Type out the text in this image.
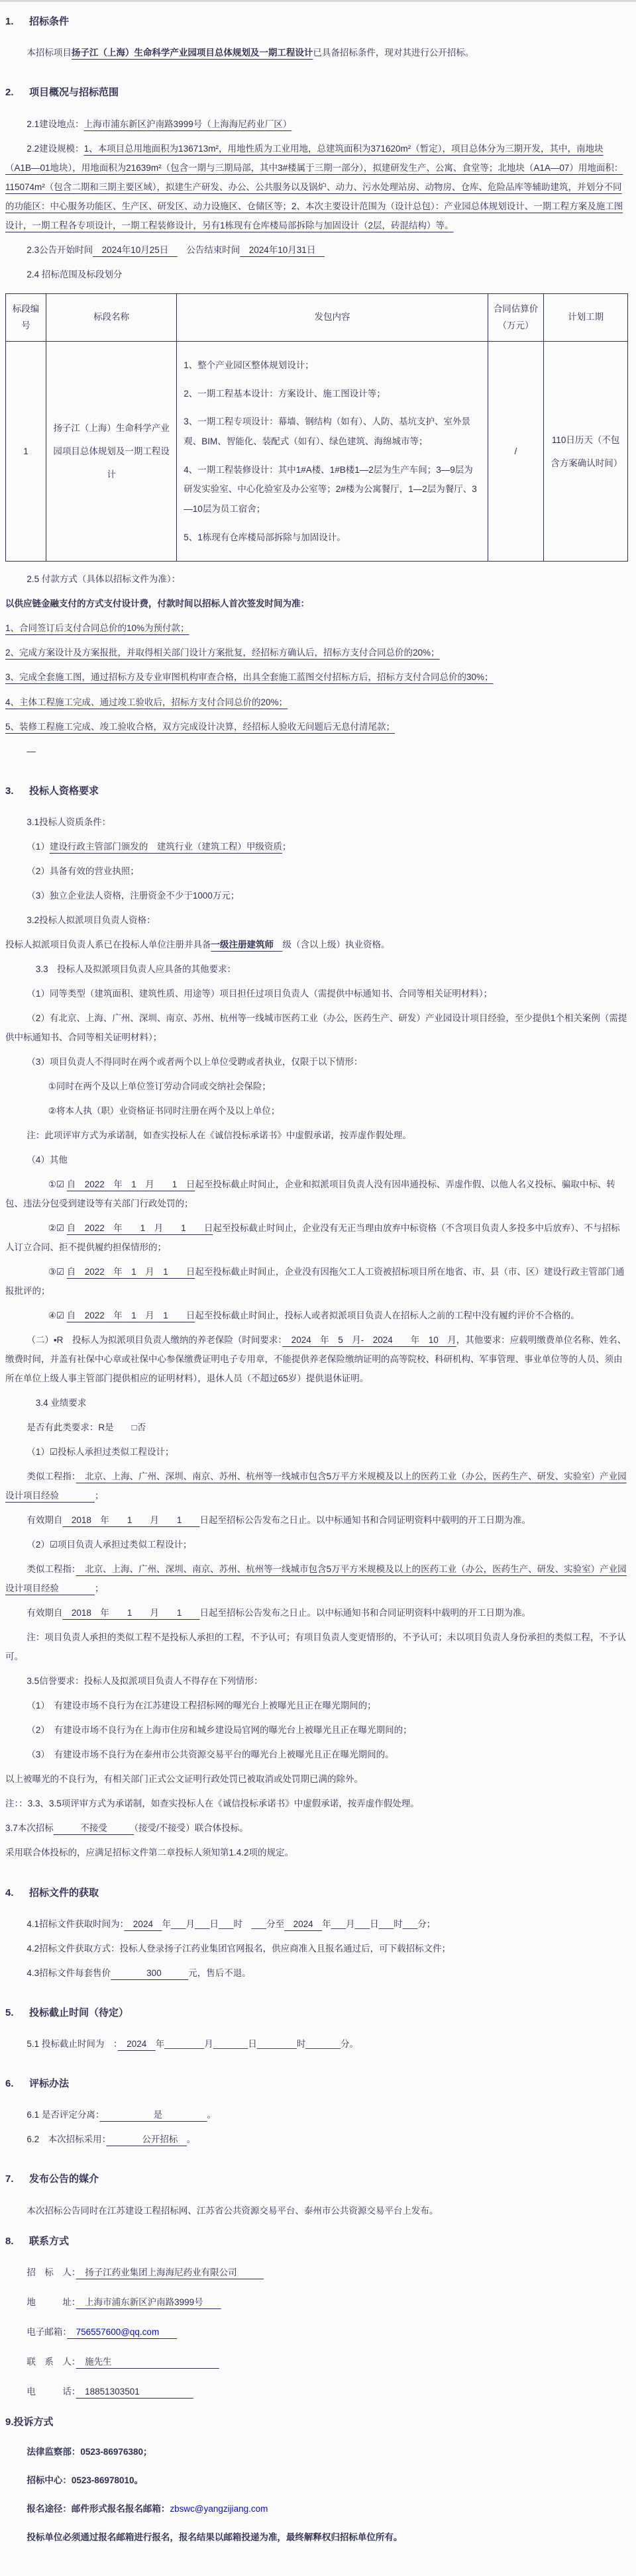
1. 招标条件

本招标项目扬子江（上海）生命科学产业园项目总体规划及一期工程设计已具备招标条件，现对其进行公开招标。

2. 项目概况与招标范围

2.1建设地点：上海市浦东新区沪南路3999号（上海海尼药业厂区）

2.2建设规模：1、本项目总用地面积为136713m²，用地性质为工业用地，总建筑面积为371620m²（暂定），项目总体分为三期开发，其中，南地块（A1B—01地块），用地面积为21639m²（包含一期与三期局部，其中3#楼属于三期一部分），拟建研发生产、公寓、食堂等；北地块（A1A—07）用地面积：115074m²（包含二期和三期主要区域），拟建生产研发、办公、公共服务以及锅炉、动力、污水处理站房、动物房、仓库、危险品库等辅助建筑，并划分不同的功能区：中心服务功能区、生产区、研发区、动力设施区、仓储区等；2、本次主要设计范围为（设计总包）：产业园总体规划设计、一期工程方案及施工图设计，一期工程各专项设计，一期工程装修设计，另有1栋现有仓库楼局部拆除与加固设计（2层，砖混结构）等。

2.3公告开始时间　2024年10月25日　　公告结束时间　2024年10月31日　

2.4 招标范围及标段划分

标段编号	标段名称	发包内容	合同估算价（万元）	计划工期
1	扬子江（上海）生命科学产业园项目总体规划及一期工程设计	1、整个产业园区整体规划设计；

2、一期工程基本设计：方案设计、施工图设计等；

3、一期工程专项设计：幕墙、钢结构（如有）、人防、基坑支护、室外景观、BIM、智能化、装配式（如有）、绿色建筑、海绵城市等；

4、一期工程装修设计：其中1#A楼、1#B楼1—2层为生产车间；3—9层为研发实验室、中心化验室及办公室等；2#楼为公寓餐厅，1—2层为餐厅、3—10层为员工宿舍；

5、1栋现有仓库楼局部拆除与加固设计。	/	110日历天（不包含方案确认时间）

2.5 付款方式（具体以招标文件为准）：

以供应链金融支付的方式支付设计费，付款时间以招标人首次签发时间为准：

1、合同签订后支付合同总价的10%为预付款；

2、完成方案设计及方案报批，并取得相关部门设计方案批复，经招标方确认后，招标方支付合同总价的20%；

3、完成全套施工图，通过招标方及专业审图机构审查合格，出具全套施工蓝图交付招标方后，招标方支付合同总价的30%；

4、主体工程施工完成、通过竣工验收后，招标方支付合同总价的20%；

5、装修工程施工完成、竣工验收合格，双方完成设计决算，经招标人验收无问题后无息付清尾款；

—

3. 投标人资格要求

3.1投标人资质条件：

（1）建设行政主管部门颁发的　建筑行业（建筑工程）甲级资质；

（2）具备有效的营业执照；

（3）独立企业法人资格，注册资金不少于1000万元；

3.2投标人拟派项目负责人资格：

投标人拟派项目负责人系已在投标人单位注册并具备一级注册建筑师　级（含以上级）执业资格。

3.3　投标人及拟派项目负责人应具备的其他要求：

（1）同等类型（建筑面积、建筑性质、用途等）项目担任过项目负责人（需提供中标通知书、合同等相关证明材料）；

（2）有北京、上海、广州、深圳、南京、苏州、杭州等一线城市医药工业（办公，医药生产、研发）产业园设计项目经验，至少提供1个相关案例（需提供中标通知书、合同等相关证明材料）；

（3）项目负责人不得同时在两个或者两个以上单位受聘或者执业，仅限于以下情形：

①同时在两个及以上单位签订劳动合同或交纳社会保险；

②将本人执（职）业资格证书同时注册在两个及以上单位；

注：此项评审方式为承诺制，如查实投标人在《诚信投标承诺书》中虚假承诺，按弄虚作假处理。

（4）其他

①☑ 自　2022　年　1　月　　1　日起至投标截止时间止，企业和拟派项目负责人没有因串通投标、弄虚作假、以他人名义投标、骗取中标、转包、违法分包受到建设等有关部门行政处罚的；

②☑ 自　2022　年　　1　月　　1　　日起至投标截止时间止，企业没有无正当理由放弃中标资格（不含项目负责人多投多中后放弃）、不与招标人订立合同、拒不提供履约担保情形的；

③☑ 自　2022　年　1　月　1　　日起至投标截止时间止，企业没有因拖欠工人工资被招标项目所在地省、市、县（市、区）建设行政主管部门通报批评的；

④☑ 自　2022　年　1　月　1　　日起至投标截止时间止，投标人或者拟派项目负责人在招标人之前的工程中没有履约评价不合格的。

（二）▪R　投标人为拟派项目负责人缴纳的养老保险（时间要求：　2024　年　5　月-　2024　　年　10　月，其他要求：应载明缴费单位名称、姓名、缴费时间，并盖有社保中心章或社保中心参保缴费证明电子专用章，不能提供养老保险缴纳证明的高等院校、科研机构、军事管理、事业单位等的人员、须由所在单位上级人事主管部门提供相应的证明材料），退休人员（不超过65岁）提供退休证明。

3.4 业绩要求

是否有此类要求：R是　　□否

（1）☑投标人承担过类似工程设计；

类似工程指：　北京、上海、广州、深圳、南京、苏州、杭州等一线城市包含5万平方米规模及以上的医药工业（办公，医药生产、研发、实验室）产业园设计项目经验　　　　；

有效期自　2018　年　　1　　月　　1　　日起至招标公告发布之日止。以中标通知书和合同证明资料中载明的开工日期为准。

（2）☑项目负责人承担过类似工程设计；

类似工程指：　北京、上海、广州、深圳、南京、苏州、杭州等一线城市包含5万平方米规模及以上的医药工业（办公，医药生产、研发、实验室）产业园设计项目经验　　　　；

有效期自　2018　年　　1　　月　　1　　日起至招标公告发布之日止。以中标通知书和合同证明资料中载明的开工日期为准。

注：项目负责人承担的类似工程不是投标人承担的工程，不予认可；有项目负责人变更情形的，不予认可；未以项目负责人身份承担的类似工程，不予认可。

3.5信誉要求：投标人及拟派项目负责人不得存在下列情形：

（1）　有建设市场不良行为在江苏建设工程招标网的曝光台上被曝光且正在曝光期间的；

（2）　有建设市场不良行为在上海市住房和城乡建设局官网的曝光台上被曝光且正在曝光期间的；

（3）　有建设市场不良行为在泰州市公共资源交易平台的曝光台上被曝光且正在曝光期间的。

以上被曝光的不良行为，有相关部门正式公文证明行政处罚已被取消或处罚期已满的除外。

注：：3.3、3.5项评审方式为承诺制，如查实投标人在《诚信投标承诺书》中虚假承诺，按弄虚作假处理。

3.7本次招标　　　不接受　　　（接受/不接受）联合体投标。

采用联合体投标的，应满足招标文件第二章投标人须知第1.4.2项的规定。

4. 招标文件的获取

4.1招标文件获取时间为：　2024　年___月___日___时　___分至　2024　年___月___日___时___分；

4.2招标文件获取方式：投标人登录扬子江药业集团官网报名，供应商准入且报名通过后，可下载招标文件；

4.3招标文件每套售价　　　　300　　　元，售后不退。

5. 投标截止时间（待定）

5.1 投标截止时间为　：　2024　年________月_______日________时_______分。

6. 评标办法

6.1 是否评定分离：　　　　　　是　　　　　。

6.2　本次招标采用：　　　　公开招标　。

7. 发布公告的媒介

本次招标公告同时在江苏建设工程招标网、江苏省公共资源交易平台、泰州市公共资源交易平台上发布。

8. 联系方式

招　标　人：　扬子江药业集团上海海尼药业有限公司　　　

地　　　址：　上海市浦东新区沪南路3999号　　

电子邮箱：　 756557600@qq.com　　

联　系　人：　施先生　　　　　　　　　　　　

电　　　话：　18851303501　　　　　　

9.投诉方式

法律监察部：0523-86976380；

招标中心：0523-86978010。

报名途径：邮件形式报名报名邮箱：zbswc@yangzijiang.com

投标单位必须通过报名邮箱进行报名，报名结果以邮箱投递为准，最终解释权归招标单位所有。
